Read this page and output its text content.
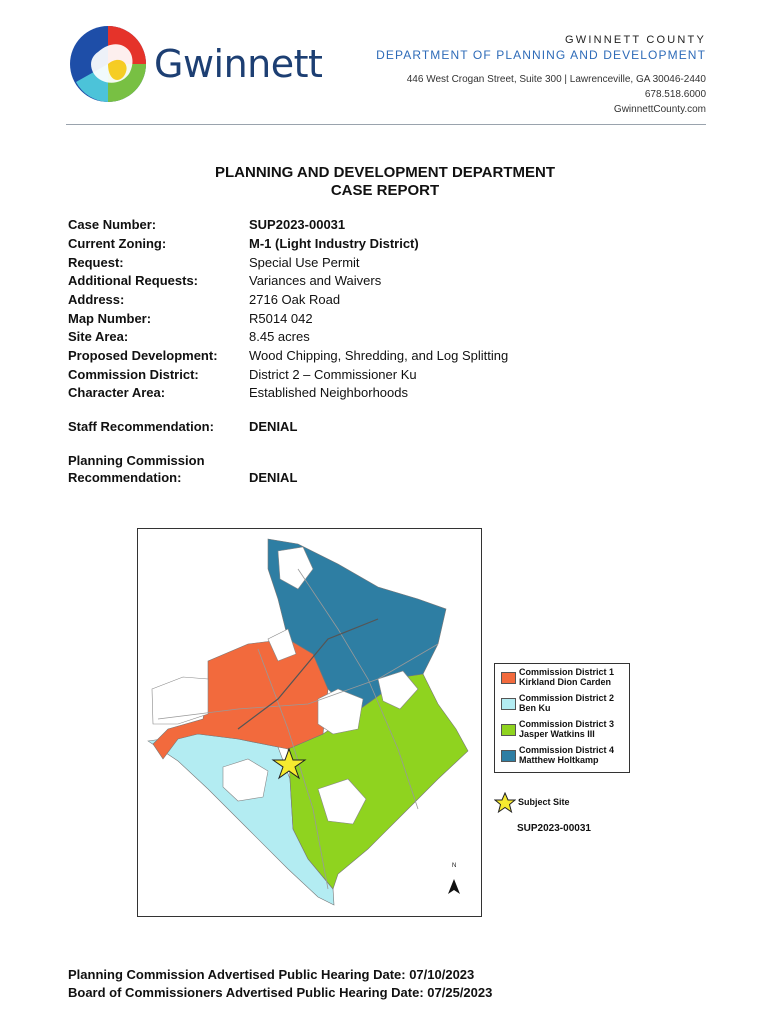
Gwinnett
GWINNETT COUNTY
DEPARTMENT OF PLANNING AND DEVELOPMENT
446 West Crogan Street, Suite 300 | Lawrenceville, GA 30046-2440
678.518.6000
GwinnettCounty.com
PLANNING AND DEVELOPMENT DEPARTMENT
CASE REPORT
Case Number:	SUP2023-00031
Current Zoning:	M-1 (Light Industry District)
Request:	Special Use Permit
Additional Requests:	Variances and Waivers
Address:	2716 Oak Road
Map Number:	R5014 042
Site Area:	8.45 acres
Proposed Development: Wood Chipping, Shredding, and Log Splitting
Commission District:	District 2 – Commissioner Ku
Character Area:	Established Neighborhoods
Staff Recommendation:	DENIAL
Planning Commission
Recommendation:	DENIAL
N
Commission District 1
Kirkland Dion Carden
Commission District 2
Ben Ku
Commission District 3
Jasper Watkins III
Commission District 4
Matthew Holtkamp
Subject Site
SUP2023-00031
Planning Commission Advertised Public Hearing Date: 07/10/2023
Board of Commissioners Advertised Public Hearing Date: 07/25/2023
